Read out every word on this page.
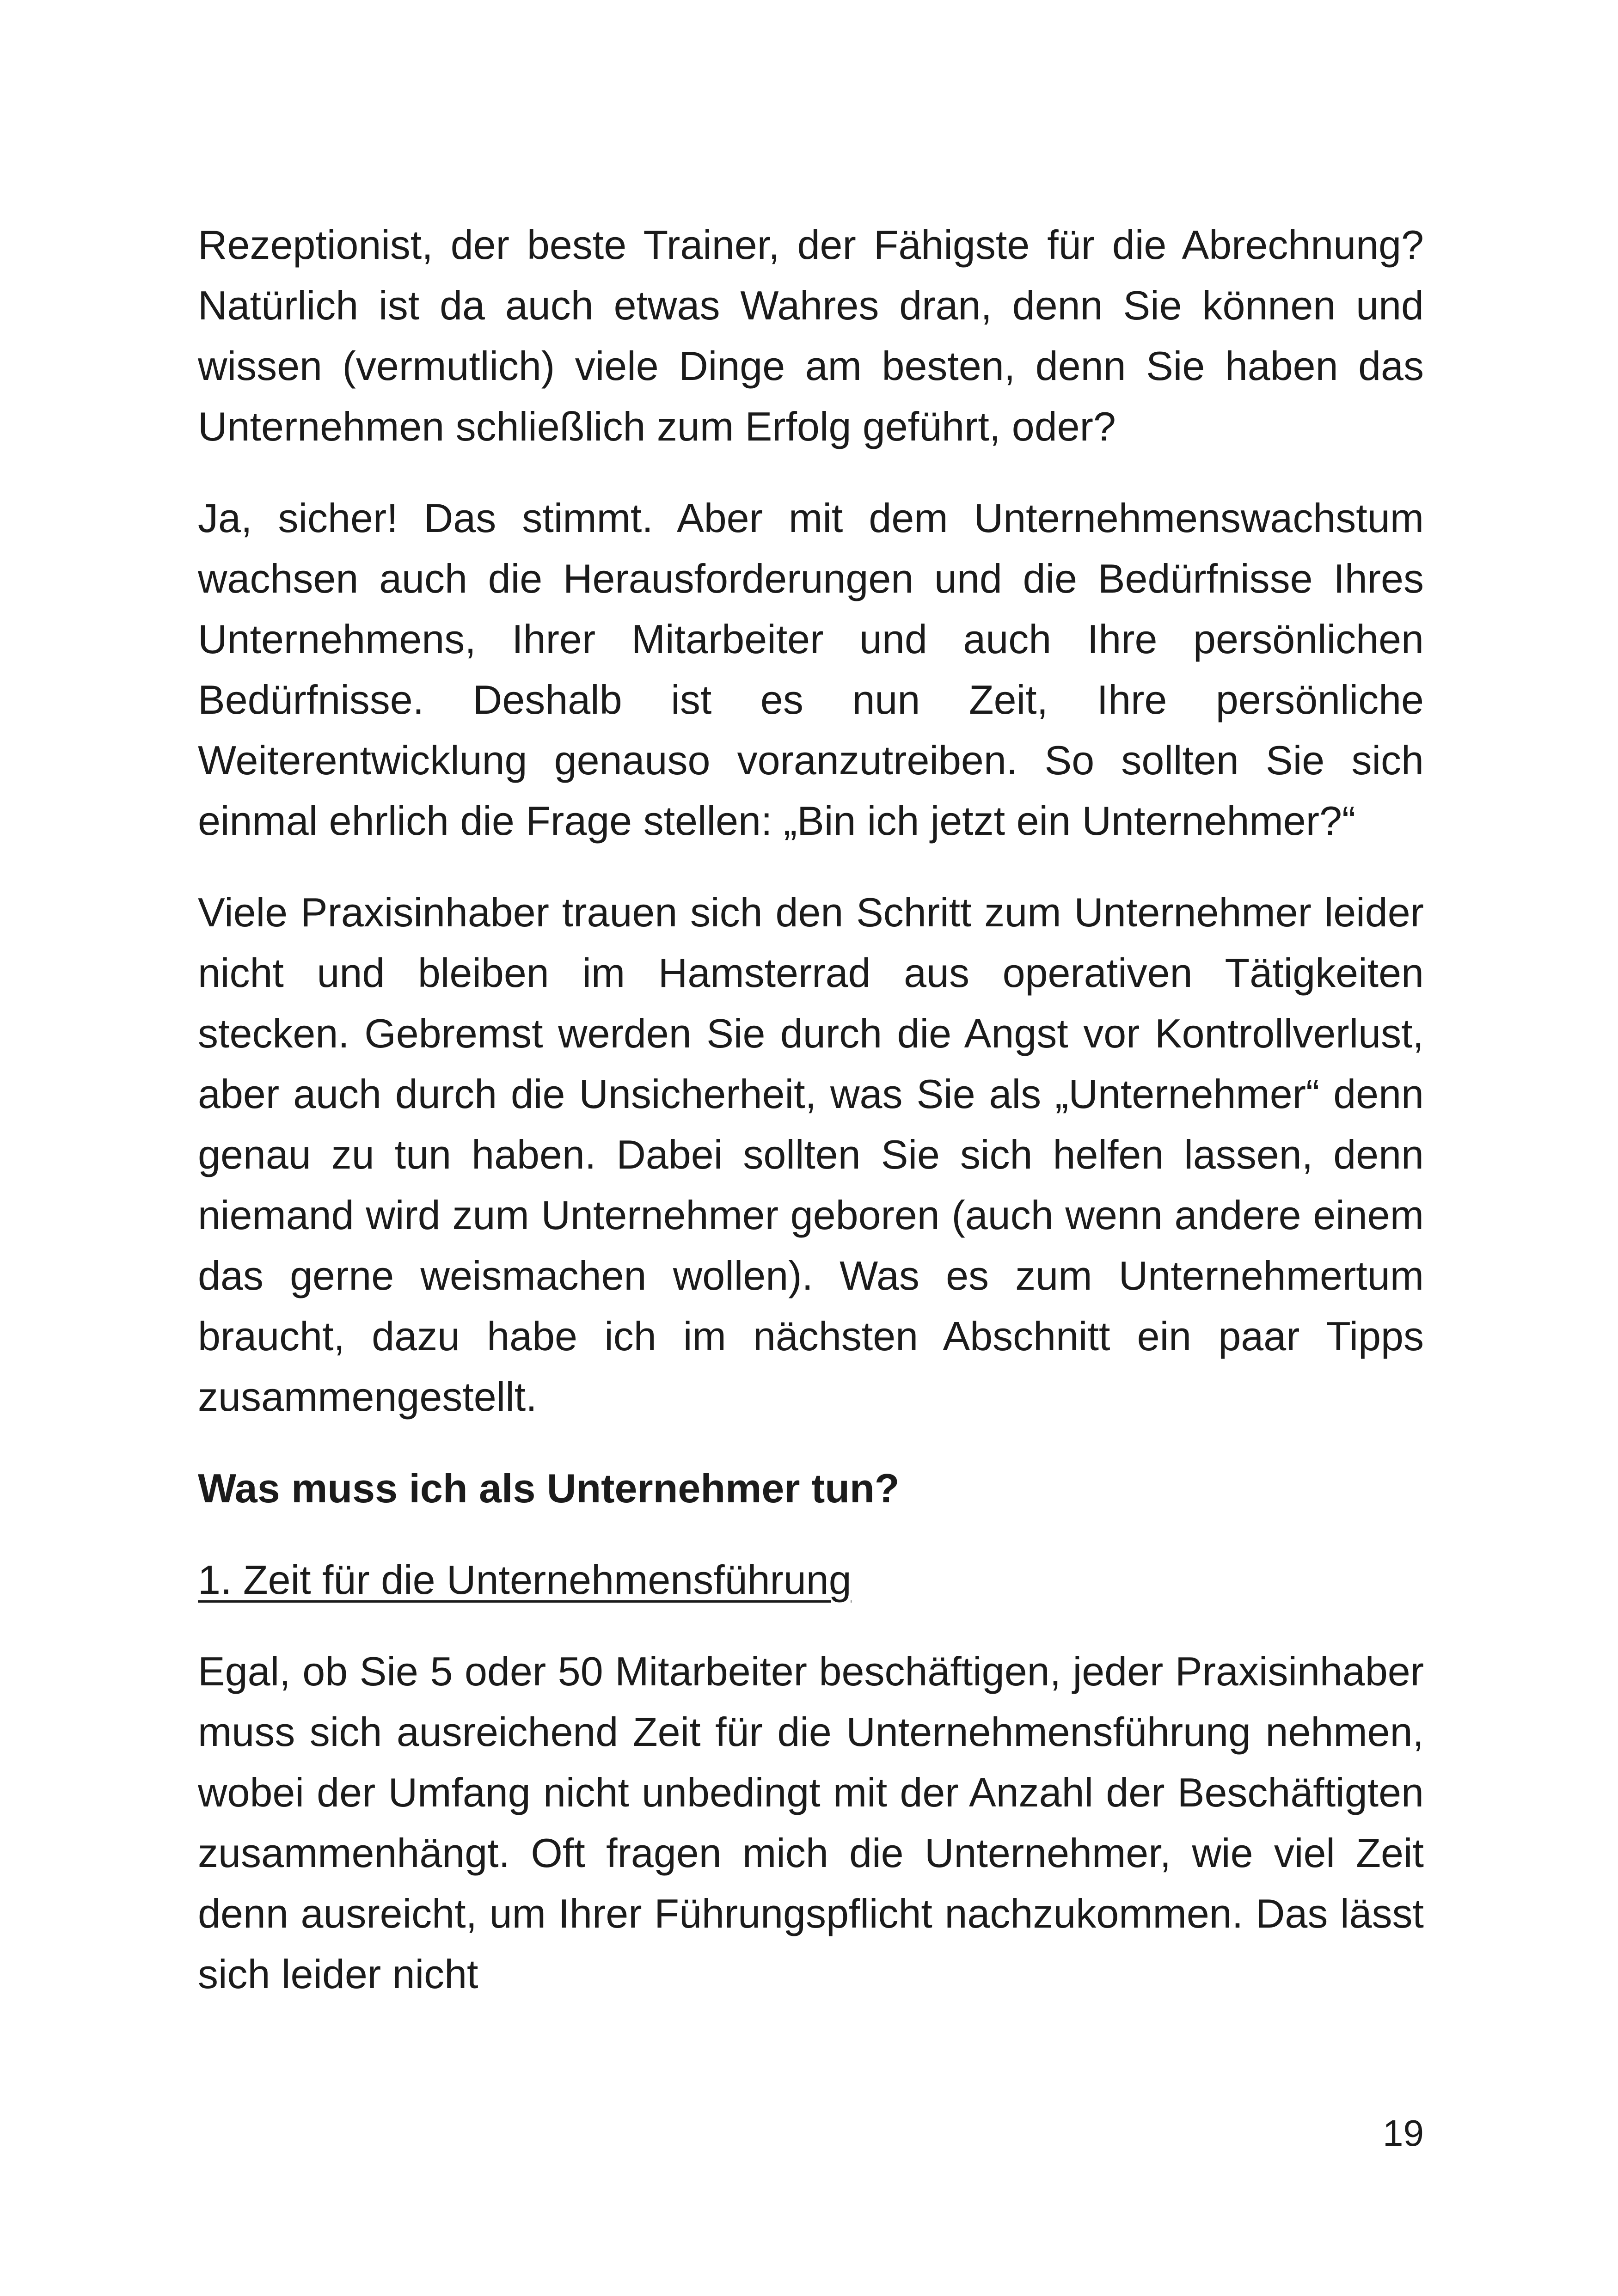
Rezeptionist, der beste Trainer, der Fähigste für die Abrechnung? Natürlich ist da auch etwas Wahres dran, denn Sie können und wissen (vermutlich) viele Dinge am besten, denn Sie haben das Unternehmen schließlich zum Erfolg geführt, oder?

Ja, sicher! Das stimmt. Aber mit dem Unternehmenswachstum wachsen auch die Herausforderungen und die Bedürfnisse Ihres Unternehmens, Ihrer Mitarbeiter und auch Ihre persönlichen Bedürfnisse. Deshalb ist es nun Zeit, Ihre persönliche Weiterentwicklung genauso voranzutreiben. So sollten Sie sich einmal ehrlich die Frage stellen: „Bin ich jetzt ein Unternehmer?“

Viele Praxisinhaber trauen sich den Schritt zum Unternehmer leider nicht und bleiben im Hamsterrad aus operativen Tätigkeiten stecken. Gebremst werden Sie durch die Angst vor Kontrollverlust, aber auch durch die Unsicherheit, was Sie als „Unternehmer“ denn genau zu tun haben. Dabei sollten Sie sich helfen lassen, denn niemand wird zum Unternehmer geboren (auch wenn andere einem das gerne weismachen wollen). Was es zum Unternehmertum braucht, dazu habe ich im nächsten Abschnitt ein paar Tipps zusammengestellt.

Was muss ich als Unternehmer tun?

1. Zeit für die Unternehmensführung

Egal, ob Sie 5 oder 50 Mitarbeiter beschäftigen, jeder Praxisinhaber muss sich ausreichend Zeit für die Unternehmensführung nehmen, wobei der Umfang nicht unbedingt mit der Anzahl der Beschäftigten zusammenhängt. Oft fragen mich die Unternehmer, wie viel Zeit denn ausreicht, um Ihrer Führungspflicht nachzukommen. Das lässt sich leider nicht

19
